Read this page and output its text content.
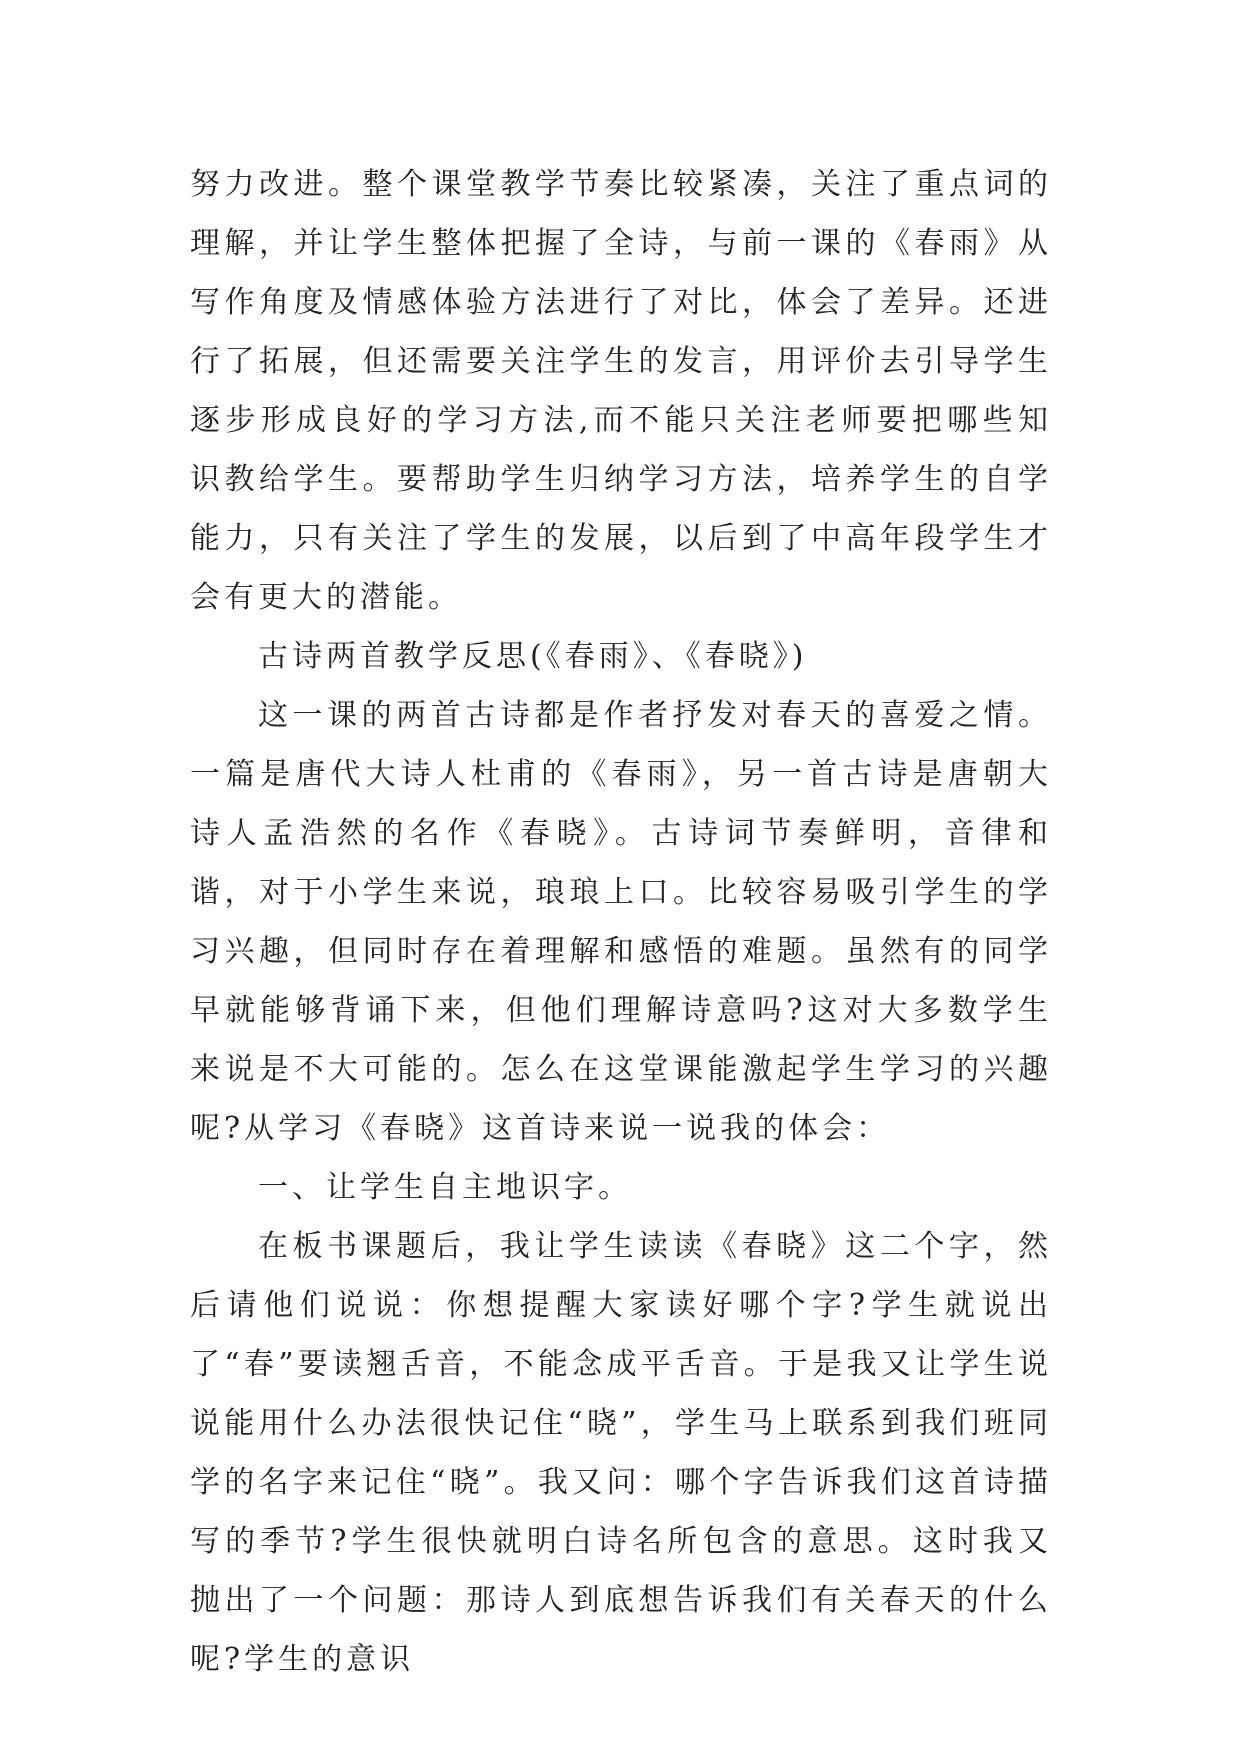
努力改进。整个课堂教学节奏比较紧凑，关注了重点词的理解，并让学生整体把握了全诗，与前一课的《春雨》从写作角度及情感体验方法进行了对比，体会了差异。还进行了拓展，但还需要关注学生的发言，用评价去引导学生逐步形成良好的学习方法,而不能只关注老师要把哪些知识教给学生。要帮助学生归纳学习方法，培养学生的自学能力，只有关注了学生的发展，以后到了中高年段学生才会有更大的潜能。

古诗两首教学反思(《春雨》、《春晓》)

这一课的两首古诗都是作者抒发对春天的喜爱之情。一篇是唐代大诗人杜甫的《春雨》，另一首古诗是唐朝大诗人孟浩然的名作《春晓》。古诗词节奏鲜明，音律和谐，对于小学生来说，琅琅上口。比较容易吸引学生的学习兴趣，但同时存在着理解和感悟的难题。虽然有的同学早就能够背诵下来，但他们理解诗意吗?这对大多数学生来说是不大可能的。怎么在这堂课能激起学生学习的兴趣呢?从学习《春晓》这首诗来说一说我的体会：

一、让学生自主地识字。

在板书课题后，我让学生读读《春晓》这二个字，然后请他们说说：你想提醒大家读好哪个字?学生就说出了“春”要读翘舌音，不能念成平舌音。于是我又让学生说说能用什么办法很快记住“晓”，学生马上联系到我们班同学的名字来记住“晓”。我又问：哪个字告诉我们这首诗描写的季节?学生很快就明白诗名所包含的意思。这时我又抛出了一个问题：那诗人到底想告诉我们有关春天的什么呢?学生的意识
